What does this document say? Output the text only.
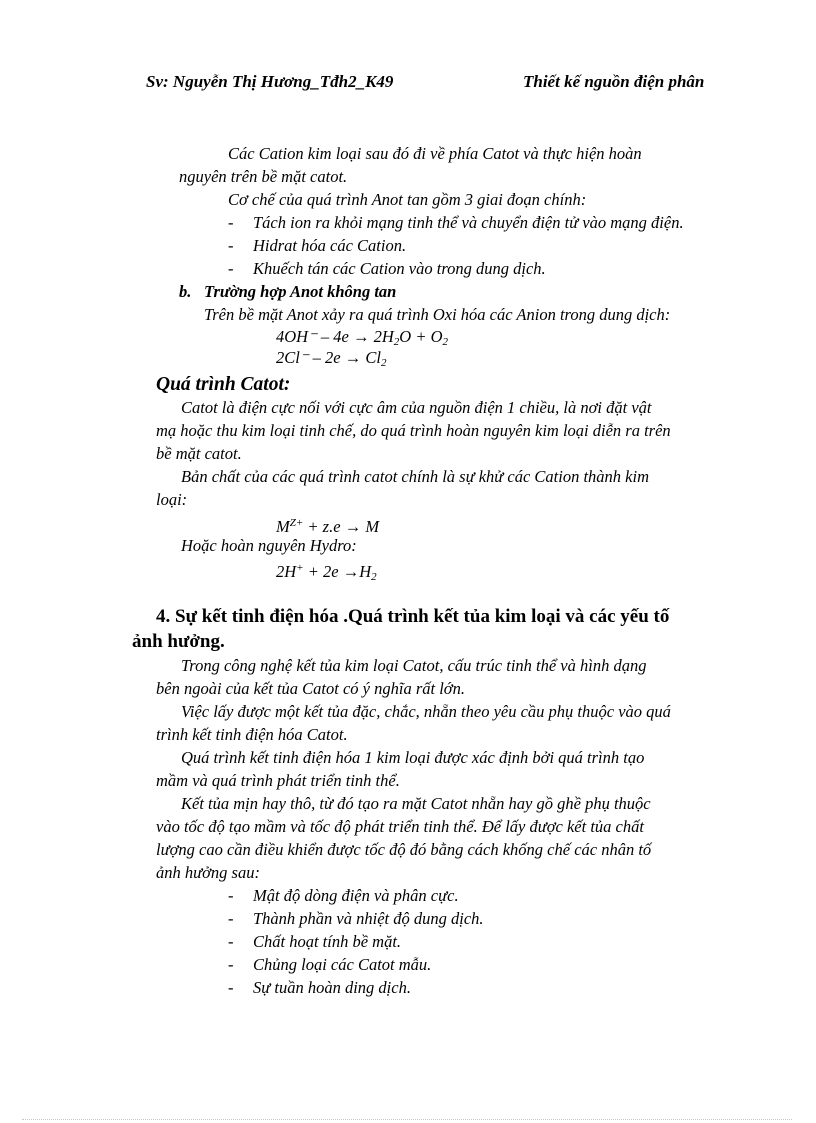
Sv: Nguyễn Thị Hương_Tđh2_K49	Thiết kế nguồn điện phân
Các Cation kim loại sau đó đi về phía Catot và thực hiện hoàn
nguyên trên bề mặt catot.
Cơ chế của quá trình Anot tan gồm 3 giai đoạn chính:
- Tách ion ra khỏi mạng tinh thể và chuyển điện tử vào mạng điện.
- Hidrat hóa các Cation.
- Khuếch tán các Cation vào trong dung dịch.
b. Trường hợp Anot không tan
Trên bề mặt Anot xảy ra quá trình Oxi hóa các Anion trong dung dịch:
$4OH^- - 4e \to 2H_2O + O_2$
$2Cl^- - 2e \to Cl_2$
Quá trình Catot:
Catot là điện cực nối với cực âm của nguồn điện 1 chiều, là nơi đặt vật
mạ hoặc thu kim loại tinh chế, do quá trình hoàn nguyên kim loại diễn ra trên
bề mặt catot.
Bản chất của các quá trình catot chính là sự khử các Cation thành kim
loại:
$M^{Z+} + z.e \to M$
Hoặc hoàn nguyên Hydro:
$2H^+ + 2e \to H_2$
4. Sự kết tinh điện hóa .Quá trình kết tủa kim loại và các yếu tố
ảnh hưởng.
Trong công nghệ kết tủa kim loại Catot, cấu trúc tinh thể và hình dạng
bên ngoài của kết tủa Catot có ý nghĩa rất lớn.
Việc lấy được một kết tủa đặc, chắc, nhẵn theo yêu cầu phụ thuộc vào quá
trình kết tinh điện hóa Catot.
Quá trình kết tinh điện hóa 1 kim loại được xác định bởi quá trình tạo
mầm và quá trình phát triển tinh thể.
Kết tủa mịn hay thô, từ đó tạo ra mặt Catot nhẵn hay gồ ghề phụ thuộc
vào tốc độ tạo mầm và tốc độ phát triển tinh thể. Để lấy được kết tủa chất
lượng cao cần điều khiển được tốc độ đó bằng cách khống chế các nhân tố
ảnh hưởng sau:
- Mật độ dòng điện và phân cực.
- Thành phần và nhiệt độ dung dịch.
- Chất hoạt tính bề mặt.
- Chủng loại các Catot mẫu.
- Sự tuần hoàn ding dịch.
